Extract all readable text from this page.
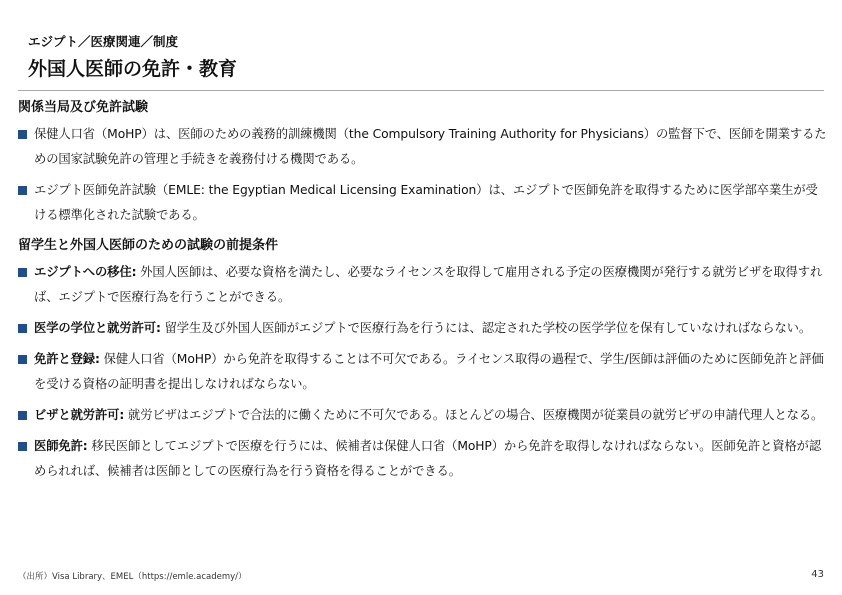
エジプト／医療関連／制度
外国人医師の免許・教育
関係当局及び免許試験
保健人口省（MoHP）は、医師のための義務的訓練機関（the Compulsory Training Authority for Physicians）の監督下で、医師を開業するための国家試験免許の管理と手続きを義務付ける機関である。
エジプト医師免許試験（EMLE: the Egyptian Medical Licensing Examination）は、エジプトで医師免許を取得するために医学部卒業生が受ける標準化された試験である。
留学生と外国人医師のための試験の前提条件
エジプトへの移住: 外国人医師は、必要な資格を満たし、必要なライセンスを取得して雇用される予定の医療機関が発行する就労ビザを取得すれば、エジプトで医療行為を行うことができる。
医学の学位と就労許可: 留学生及び外国人医師がエジプトで医療行為を行うには、認定された学校の医学学位を保有していなければならない。
免許と登録: 保健人口省（MoHP）から免許を取得することは不可欠である。ライセンス取得の過程で、学生/医師は評価のために医師免許と評価を受ける資格の証明書を提出しなければならない。
ビザと就労許可: 就労ビザはエジプトで合法的に働くために不可欠である。ほとんどの場合、医療機関が従業員の就労ビザの申請代理人となる。
医師免許: 移民医師としてエジプトで医療を行うには、候補者は保健人口省（MoHP）から免許を取得しなければならない。医師免許と資格が認められれば、候補者は医師としての医療行為を行う資格を得ることができる。
（出所）Visa Library、EMEL（https://emle.academy/）	43
